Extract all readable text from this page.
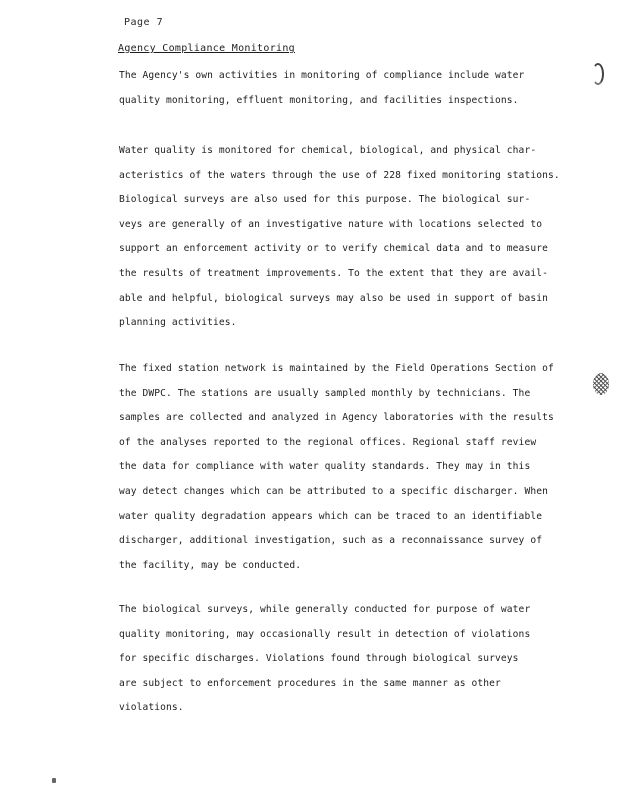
Page 7
Agency Compliance Monitoring

The Agency's own activities in monitoring of compliance include water
quality monitoring, effluent monitoring, and facilities inspections.

Water quality is monitored for chemical, biological, and physical char-
acteristics of the waters through the use of 228 fixed monitoring stations.
Biological surveys are also used for this purpose. The biological sur-
veys are generally of an investigative nature with locations selected to
support an enforcement activity or to verify chemical data and to measure
the results of treatment improvements. To the extent that they are avail-
able and helpful, biological surveys may also be used in support of basin
planning activities.

The fixed station network is maintained by the Field Operations Section of
the DWPC. The stations are usually sampled monthly by technicians. The
samples are collected and analyzed in Agency laboratories with the results
of the analyses reported to the regional offices. Regional staff review
the data for compliance with water quality standards. They may in this
way detect changes which can be attributed to a specific discharger. When
water quality degradation appears which can be traced to an identifiable
discharger, additional investigation, such as a reconnaissance survey of
the facility, may be conducted.

The biological surveys, while generally conducted for purpose of water
quality monitoring, may occasionally result in detection of violations
for specific discharges. Violations found through biological surveys
are subject to enforcement procedures in the same manner as other
violations.
